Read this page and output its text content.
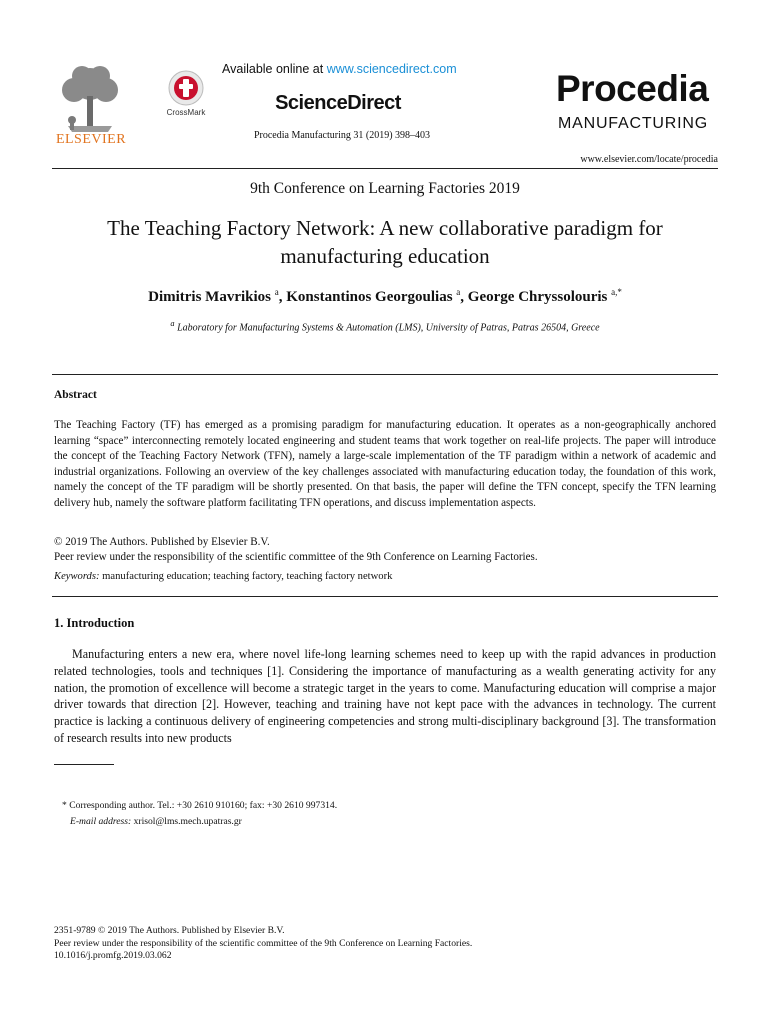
ELSEVIER
CrossMark
Available online at www.sciencedirect.com
ScienceDirect
Procedia Manufacturing 31 (2019) 398–403
Procedia
MANUFACTURING
www.elsevier.com/locate/procedia
9th Conference on Learning Factories 2019
The Teaching Factory Network: A new collaborative paradigm for manufacturing education
Dimitris Mavrikios $^a$, Konstantinos Georgoulias $^a$, George Chryssolouris $^{a,*}$
$^a$ Laboratory for Manufacturing Systems & Automation (LMS), University of Patras, Patras 26504, Greece
Abstract
The Teaching Factory (TF) has emerged as a promising paradigm for manufacturing education. It operates as a non-geographically anchored learning “space” interconnecting remotely located engineering and student teams that work together on real-life projects. The paper will introduce the concept of the Teaching Factory Network (TFN), namely a large-scale implementation of the TF paradigm within a network of academic and industrial organizations. Following an overview of the key challenges associated with manufacturing education today, the foundation of this work, namely the concept of the TF paradigm will be shortly presented. On that basis, the paper will define the TFN concept, specify the TFN learning delivery hub, namely the software platform facilitating TFN operations, and discuss implementation aspects.
© 2019 The Authors. Published by Elsevier B.V.
Peer review under the responsibility of the scientific committee of the 9th Conference on Learning Factories.
Keywords: manufacturing education; teaching factory, teaching factory network
1. Introduction
Manufacturing enters a new era, where novel life-long learning schemes need to keep up with the rapid advances in production related technologies, tools and techniques [1]. Considering the importance of manufacturing as a wealth generating activity for any nation, the promotion of excellence will become a strategic target in the years to come. Manufacturing education will comprise a major driver towards that direction [2]. However, teaching and training have not kept pace with the advances in technology. The current practice is lacking a continuous delivery of engineering competencies and strong multi-disciplinary background [3]. The transformation of research results into new products
* Corresponding author. Tel.: +30 2610 910160; fax: +30 2610 997314.
E-mail address: xrisol@lms.mech.upatras.gr
2351-9789 © 2019 The Authors. Published by Elsevier B.V.
Peer review under the responsibility of the scientific committee of the 9th Conference on Learning Factories.
10.1016/j.promfg.2019.03.062
